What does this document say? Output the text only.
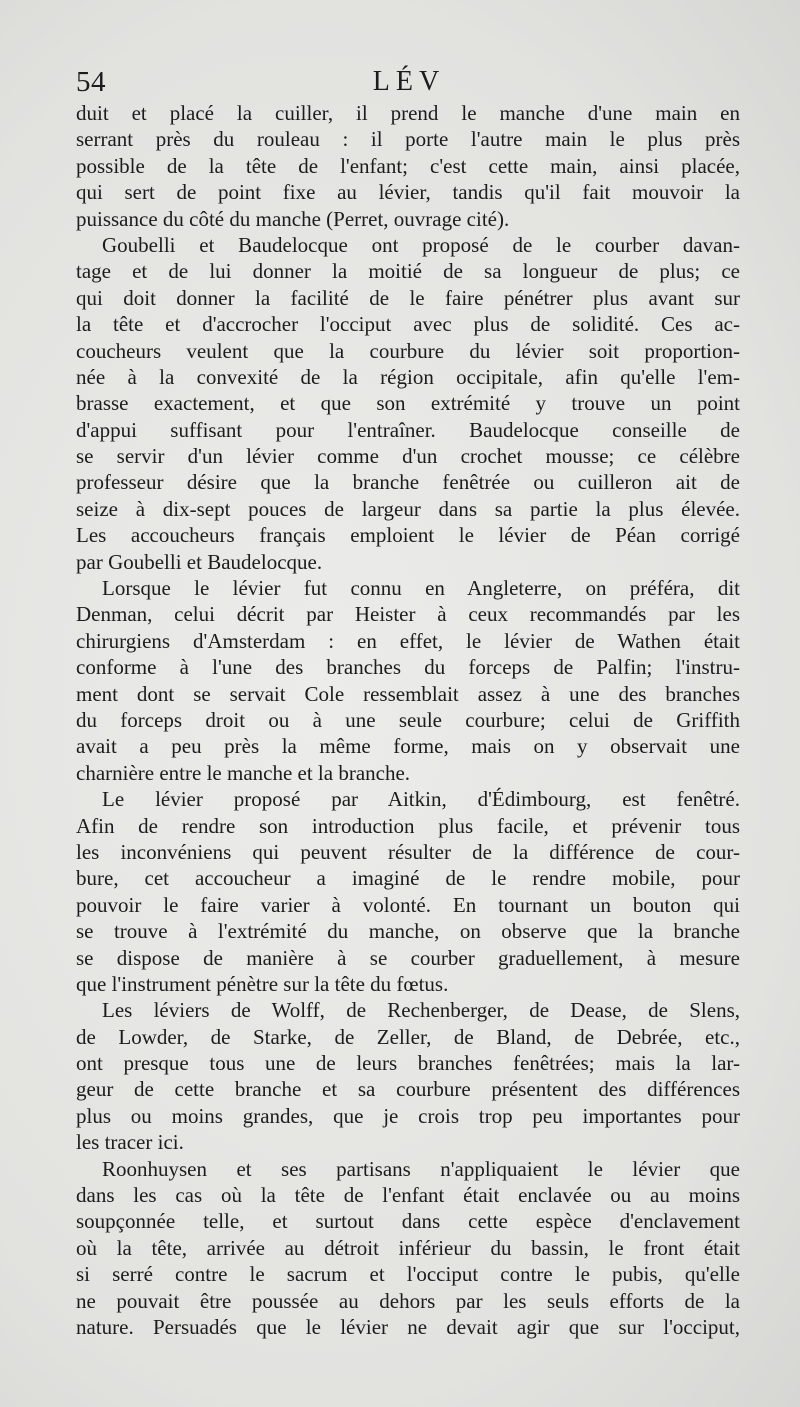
54	LÉV
duit et placé la cuiller, il prend le manche d'une main en
serrant près du rouleau : il porte l'autre main le plus près
possible de la tête de l'enfant; c'est cette main, ainsi placée,
qui sert de point fixe au lévier, tandis qu'il fait mouvoir la
puissance du côté du manche (Perret, ouvrage cité).
Goubelli et Baudelocque ont proposé de le courber davan-
tage et de lui donner la moitié de sa longueur de plus; ce
qui doit donner la facilité de le faire pénétrer plus avant sur
la tête et d'accrocher l'occiput avec plus de solidité. Ces ac-
coucheurs veulent que la courbure du lévier soit proportion-
née à la convexité de la région occipitale, afin qu'elle l'em-
brasse exactement, et que son extrémité y trouve un point
d'appui suffisant pour l'entraîner. Baudelocque conseille de
se servir d'un lévier comme d'un crochet mousse; ce célèbre
professeur désire que la branche fenêtrée ou cuilleron ait de
seize à dix-sept pouces de largeur dans sa partie la plus élevée.
Les accoucheurs français emploient le lévier de Péan corrigé
par Goubelli et Baudelocque.
Lorsque le lévier fut connu en Angleterre, on préféra, dit
Denman, celui décrit par Heister à ceux recommandés par les
chirurgiens d'Amsterdam : en effet, le lévier de Wathen était
conforme à l'une des branches du forceps de Palfin; l'instru-
ment dont se servait Cole ressemblait assez à une des branches
du forceps droit ou à une seule courbure; celui de Griffith
avait a peu près la même forme, mais on y observait une
charnière entre le manche et la branche.
Le lévier proposé par Aitkin, d'Édimbourg, est fenêtré.
Afin de rendre son introduction plus facile, et prévenir tous
les inconvéniens qui peuvent résulter de la différence de cour-
bure, cet accoucheur a imaginé de le rendre mobile, pour
pouvoir le faire varier à volonté. En tournant un bouton qui
se trouve à l'extrémité du manche, on observe que la branche
se dispose de manière à se courber graduellement, à mesure
que l'instrument pénètre sur la tête du fœtus.
Les léviers de Wolff, de Rechenberger, de Dease, de Slens,
de Lowder, de Starke, de Zeller, de Bland, de Debrée, etc.,
ont presque tous une de leurs branches fenêtrées; mais la lar-
geur de cette branche et sa courbure présentent des différences
plus ou moins grandes, que je crois trop peu importantes pour
les tracer ici.
Roonhuysen et ses partisans n'appliquaient le lévier que
dans les cas où la tête de l'enfant était enclavée ou au moins
soupçonnée telle, et surtout dans cette espèce d'enclavement
où la tête, arrivée au détroit inférieur du bassin, le front était
si serré contre le sacrum et l'occiput contre le pubis, qu'elle
ne pouvait être poussée au dehors par les seuls efforts de la
nature. Persuadés que le lévier ne devait agir que sur l'occiput,
